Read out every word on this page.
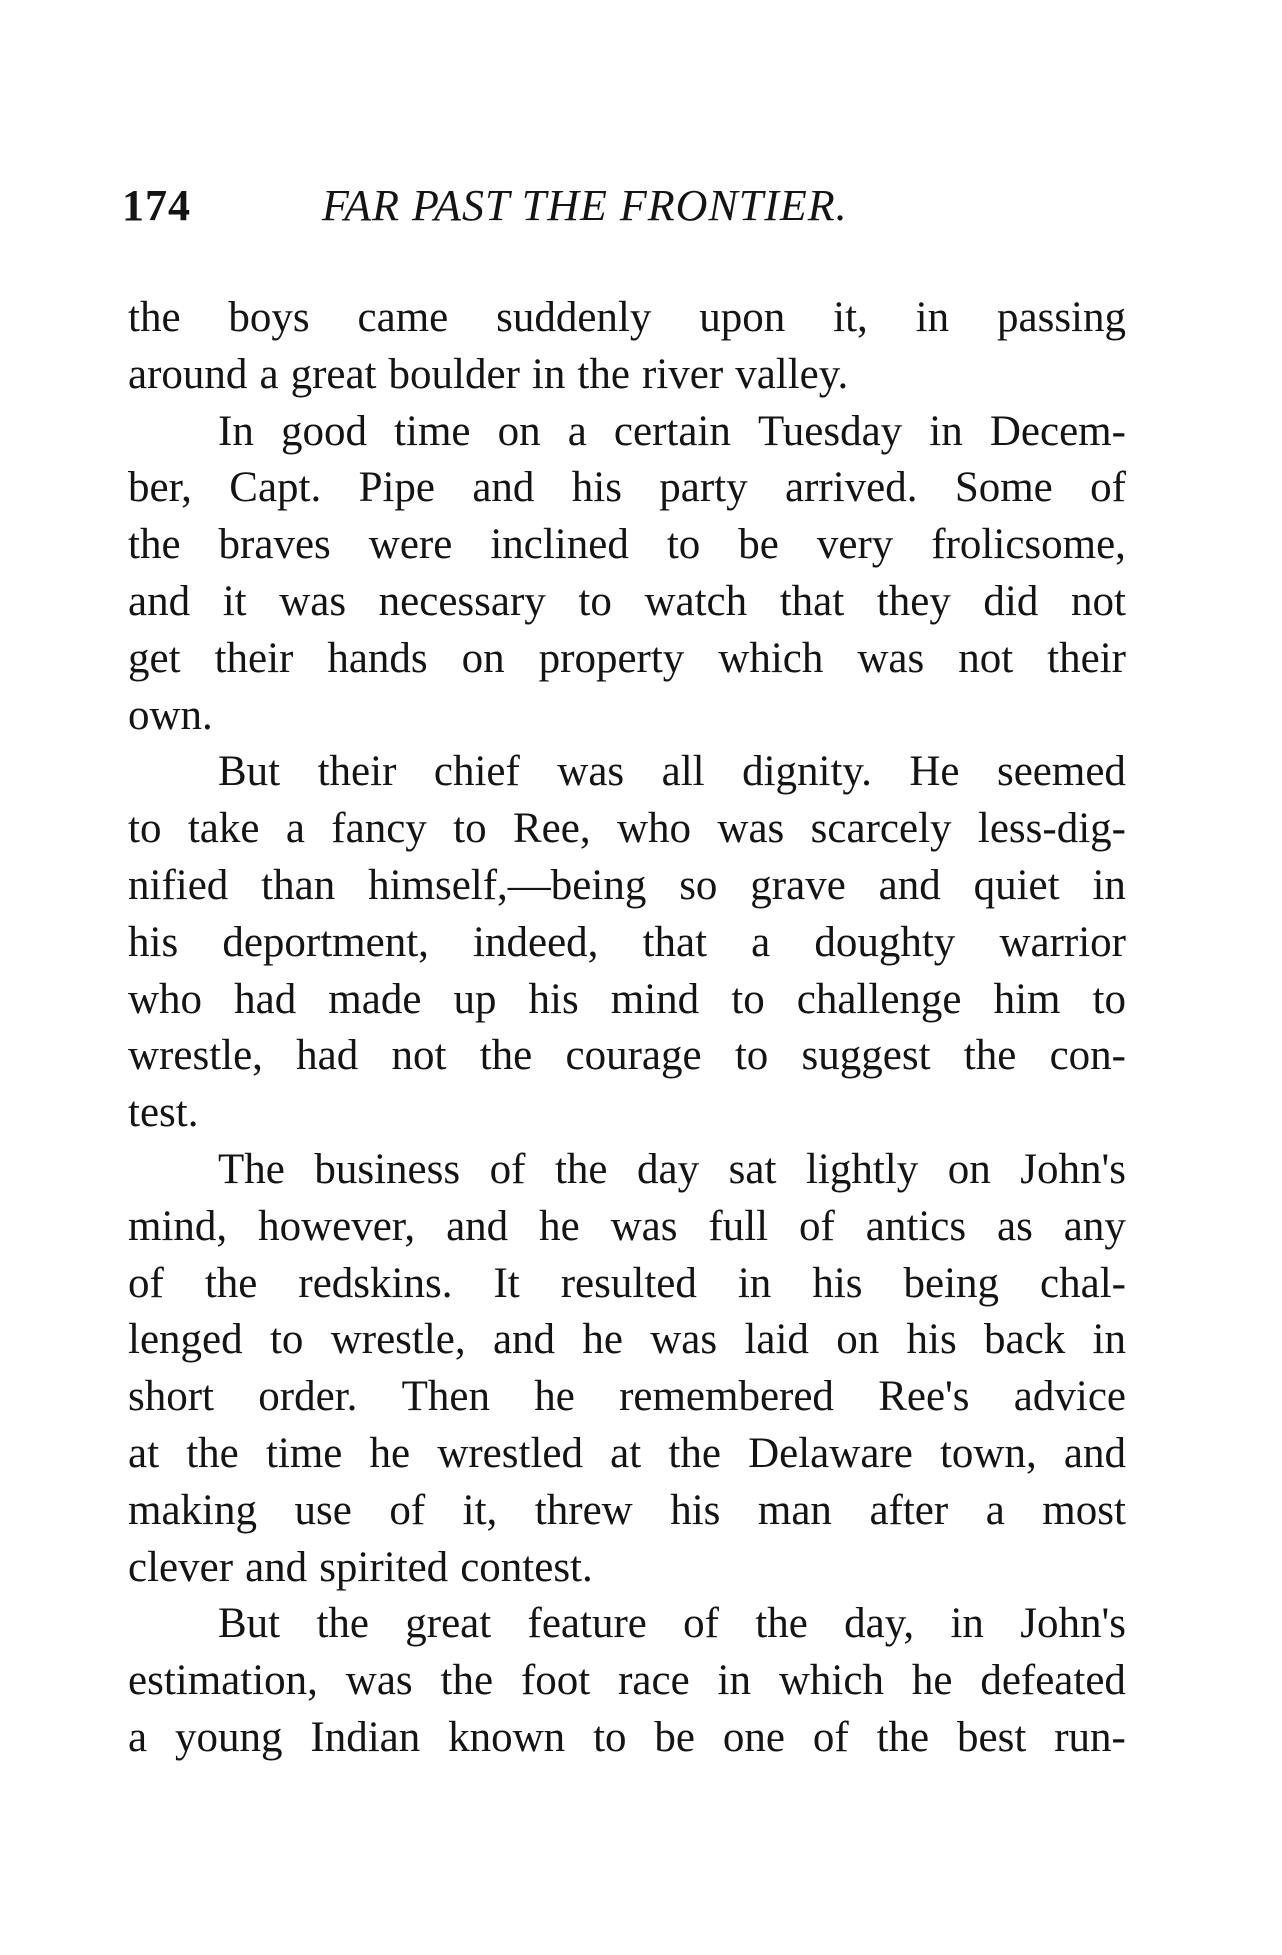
174	FAR PAST THE FRONTIER.
the boys came suddenly upon it, in passing
around a great boulder in the river valley.
In good time on a certain Tuesday in Decem-
ber, Capt. Pipe and his party arrived. Some of
the braves were inclined to be very frolicsome,
and it was necessary to watch that they did not
get their hands on property which was not their
own.
But their chief was all dignity. He seemed
to take a fancy to Ree, who was scarcely less-dig-
nified than himself,—being so grave and quiet in
his deportment, indeed, that a doughty warrior
who had made up his mind to challenge him to
wrestle, had not the courage to suggest the con-
test.
The business of the day sat lightly on John's
mind, however, and he was full of antics as any
of the redskins. It resulted in his being chal-
lenged to wrestle, and he was laid on his back in
short order. Then he remembered Ree's advice
at the time he wrestled at the Delaware town, and
making use of it, threw his man after a most
clever and spirited contest.
But the great feature of the day, in John's
estimation, was the foot race in which he defeated
a young Indian known to be one of the best run-
